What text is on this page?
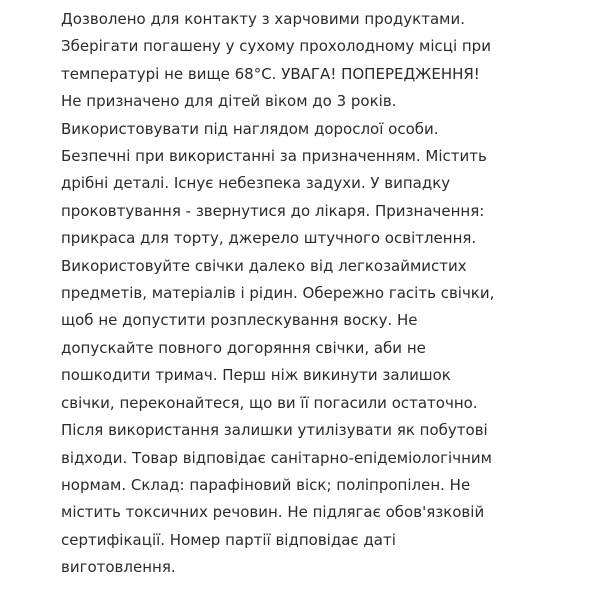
Дозволено для контакту з харчовими продуктами.
Зберігати погашену у сухому прохолодному місці при
температурі не вище 68°С. УВАГА! ПОПЕРЕДЖЕННЯ!
Не призначено для дітей віком до 3 років.
Використовувати під наглядом дорослої особи.
Безпечні при використанні за призначенням. Містить
дрібні деталі. Існує небезпека задухи. У випадку
проковтування - звернутися до лікаря. Призначення:
прикраса для торту, джерело штучного освітлення.
Використовуйте свічки далеко від легкозаймистих
предметів, матеріалів і рідин. Обережно гасіть свічки,
щоб не допустити розплескування воску. Не
допускайте повного догоряння свічки, аби не
пошкодити тримач. Перш ніж викинути залишок
свічки, переконайтеся, що ви її погасили остаточно.
Після використання залишки утилізувати як побутові
відходи. Товар відповідає санітарно-епідеміологічним
нормам. Склад: парафіновий віск; поліпропілен. Не
містить токсичних речовин. Не підлягає обов'язковій
сертифікації. Номер партії відповідає даті
виготовлення.
